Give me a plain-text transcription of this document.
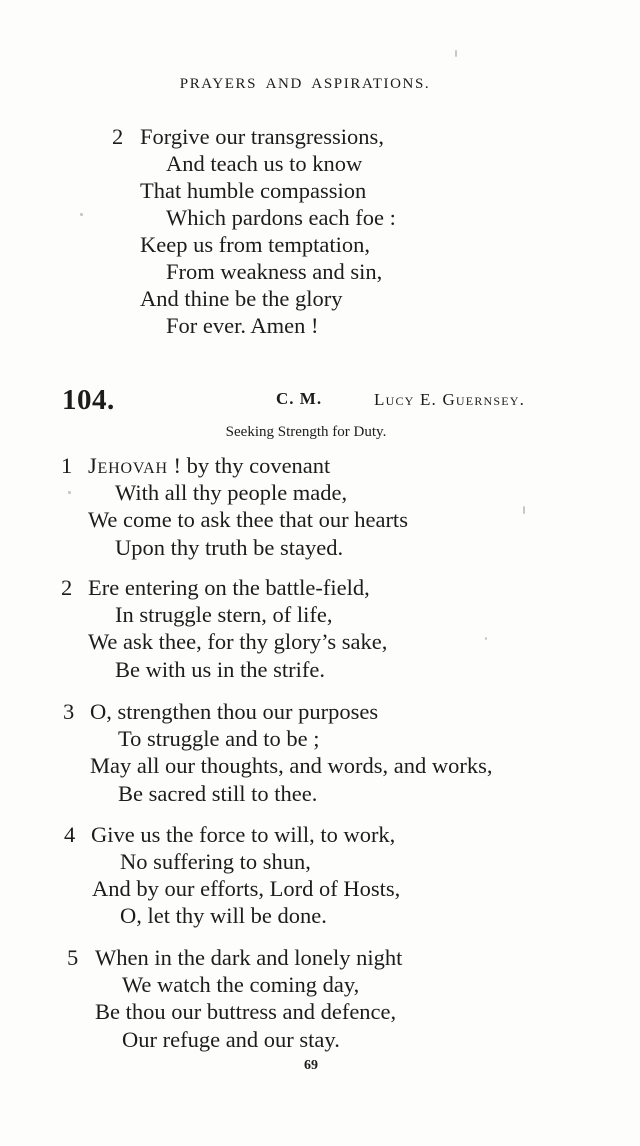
PRAYERS AND ASPIRATIONS.
2 Forgive our transgressions,
And teach us to know
That humble compassion
Which pardons each foe :
Keep us from temptation,
From weakness and sin,
And thine be the glory
For ever. Amen !
104.	C. M.	Lucy E. Guernsey.
Seeking Strength for Duty.
1 Jehovah ! by thy covenant
With all thy people made,
We come to ask thee that our hearts
Upon thy truth be stayed.
2 Ere entering on the battle-field,
In struggle stern, of life,
We ask thee, for thy glory’s sake,
Be with us in the strife.
3 O, strengthen thou our purposes
To struggle and to be ;
May all our thoughts, and words, and works,
Be sacred still to thee.
4 Give us the force to will, to work,
No suffering to shun,
And by our efforts, Lord of Hosts,
O, let thy will be done.
5 When in the dark and lonely night
We watch the coming day,
Be thou our buttress and defence,
Our refuge and our stay.
69
